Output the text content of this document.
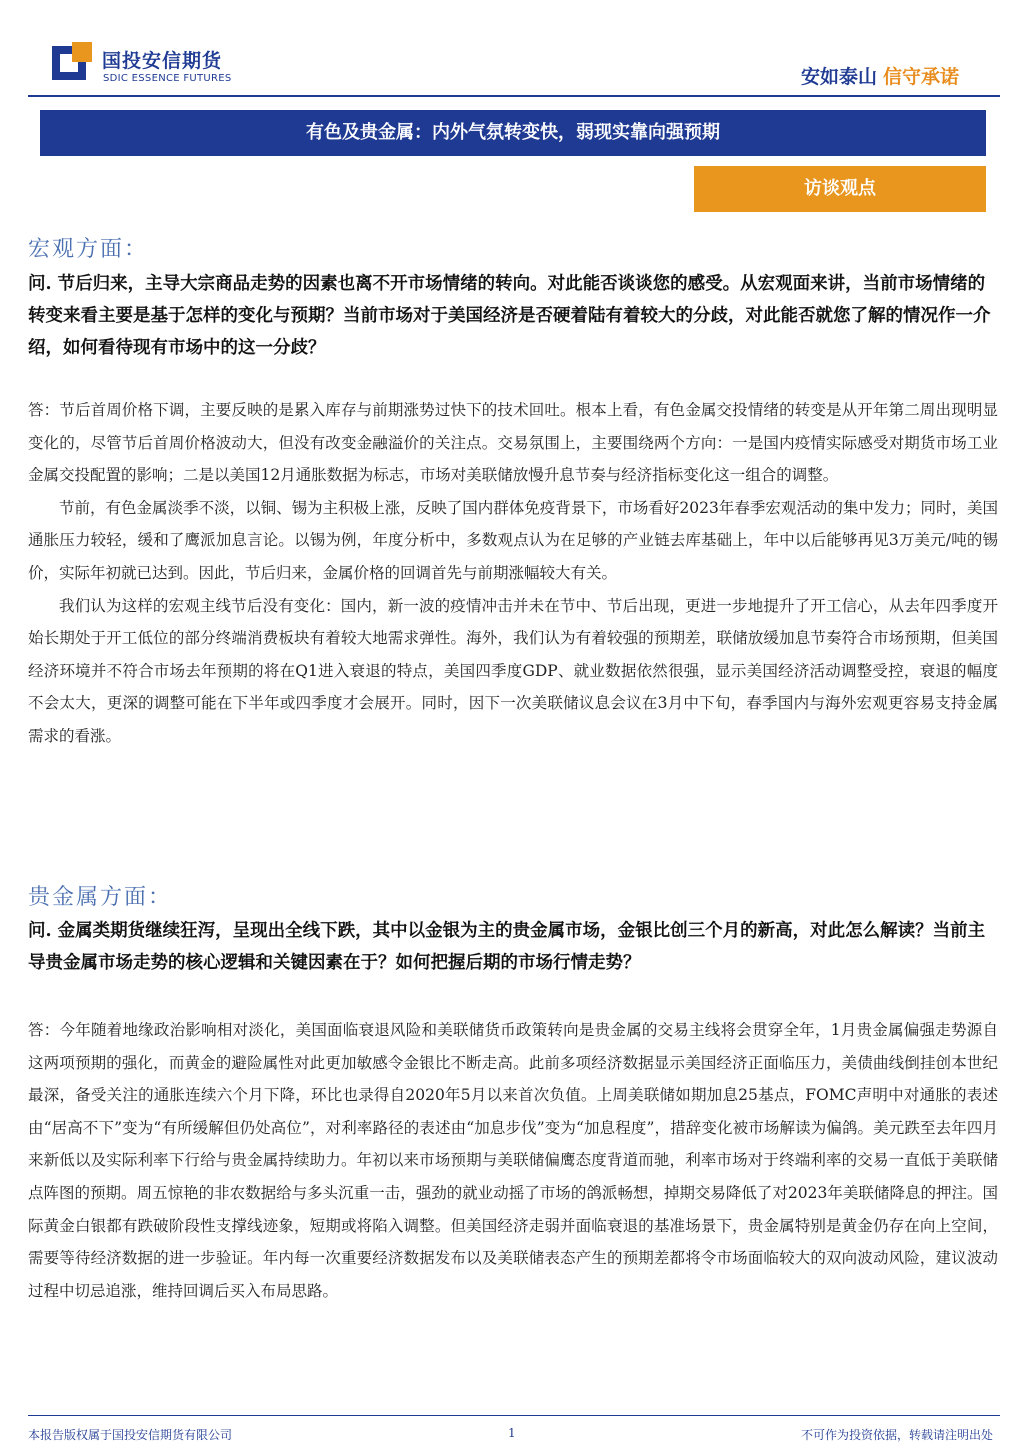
国投安信期货
SDIC ESSENCE FUTURES	安如泰山 信守承诺
有色及贵金属：内外气氛转变快，弱现实靠向强预期
访谈观点
宏观方面：
问. 节后归来，主导大宗商品走势的因素也离不开市场情绪的转向。对此能否谈谈您的感受。从宏观面来讲，当前市场情绪的转变来看主要是基于怎样的变化与预期？当前市场对于美国经济是否硬着陆有着较大的分歧，对此能否就您了解的情况作一介绍，如何看待现有市场中的这一分歧？

答：节后首周价格下调，主要反映的是累入库存与前期涨势过快下的技术回吐。根本上看，有色金属交投情绪的转变是从开年第二周出现明显变化的，尽管节后首周价格波动大，但没有改变金融溢价的关注点。交易氛围上，主要围绕两个方向：一是国内疫情实际感受对期货市场工业金属交投配置的影响；二是以美国12月通胀数据为标志，市场对美联储放慢升息节奏与经济指标变化这一组合的调整。

节前，有色金属淡季不淡，以铜、锡为主积极上涨，反映了国内群体免疫背景下，市场看好2023年春季宏观活动的集中发力；同时，美国通胀压力较轻，缓和了鹰派加息言论。以锡为例，年度分析中，多数观点认为在足够的产业链去库基础上，年中以后能够再见3万美元/吨的锡价，实际年初就已达到。因此，节后归来，金属价格的回调首先与前期涨幅较大有关。

我们认为这样的宏观主线节后没有变化：国内，新一波的疫情冲击并未在节中、节后出现，更进一步地提升了开工信心，从去年四季度开始长期处于开工低位的部分终端消费板块有着较大地需求弹性。海外，我们认为有着较强的预期差，联储放缓加息节奏符合市场预期，但美国经济环境并不符合市场去年预期的将在Q1进入衰退的特点，美国四季度GDP、就业数据依然很强，显示美国经济活动调整受控，衰退的幅度不会太大，更深的调整可能在下半年或四季度才会展开。同时，因下一次美联储议息会议在3月中下旬，春季国内与海外宏观更容易支持金属需求的看涨。

贵金属方面：
问. 金属类期货继续狂泻，呈现出全线下跌，其中以金银为主的贵金属市场，金银比创三个月的新高，对此怎么解读？当前主导贵金属市场走势的核心逻辑和关键因素在于？如何把握后期的市场行情走势？

答：今年随着地缘政治影响相对淡化，美国面临衰退风险和美联储货币政策转向是贵金属的交易主线将会贯穿全年，1月贵金属偏强走势源自这两项预期的强化，而黄金的避险属性对此更加敏感令金银比不断走高。此前多项经济数据显示美国经济正面临压力，美债曲线倒挂创本世纪最深，备受关注的通胀连续六个月下降，环比也录得自2020年5月以来首次负值。上周美联储如期加息25基点，FOMC声明中对通胀的表述由“居高不下”变为“有所缓解但仍处高位”，对利率路径的表述由“加息步伐”变为“加息程度”，措辞变化被市场解读为偏鸽。美元跌至去年四月来新低以及实际利率下行给与贵金属持续助力。年初以来市场预期与美联储偏鹰态度背道而驰，利率市场对于终端利率的交易一直低于美联储点阵图的预期。周五惊艳的非农数据给与多头沉重一击，强劲的就业动摇了市场的鸽派畅想，掉期交易降低了对2023年美联储降息的押注。国际黄金白银都有跌破阶段性支撑线迹象，短期或将陷入调整。但美国经济走弱并面临衰退的基准场景下，贵金属特别是黄金仍存在向上空间，需要等待经济数据的进一步验证。年内每一次重要经济数据发布以及美联储表态产生的预期差都将令市场面临较大的双向波动风险，建议波动过程中切忌追涨，维持回调后买入布局思路。

本报告版权属于国投安信期货有限公司	1	不可作为投资依据，转载请注明出处
